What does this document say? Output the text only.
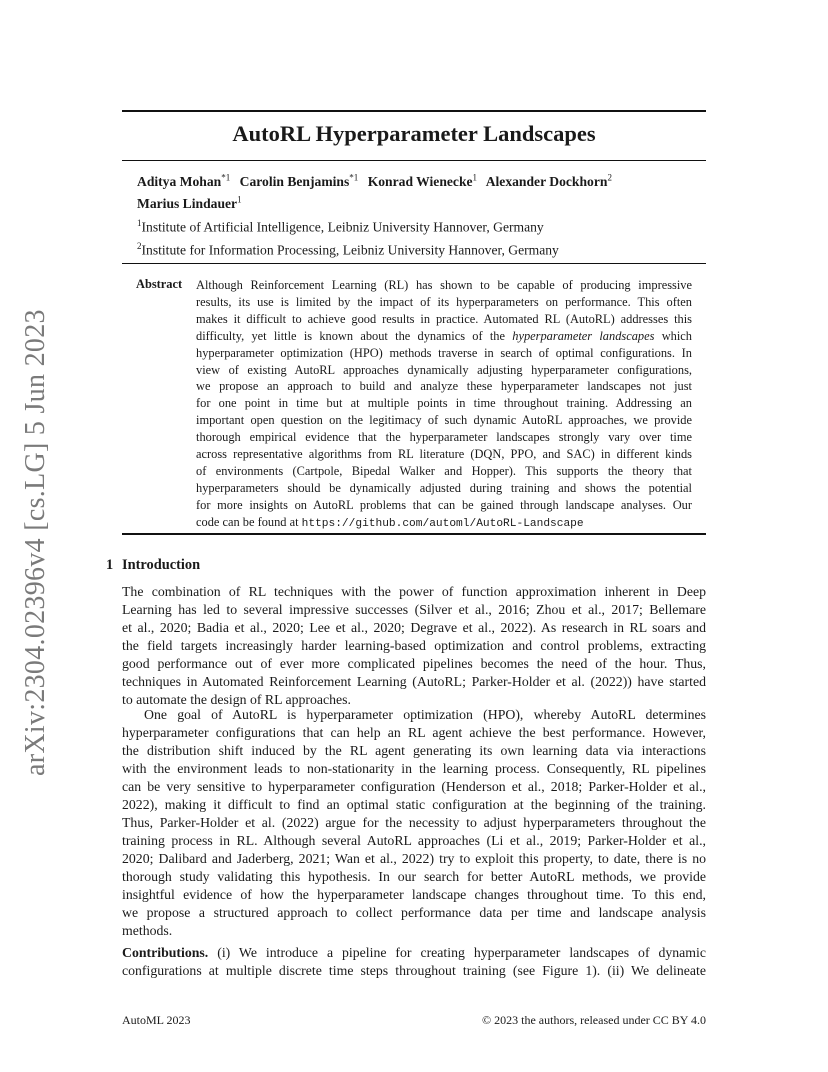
arXiv:2304.02396v4 [cs.LG] 5 Jun 2023
AutoRL Hyperparameter Landscapes
Aditya Mohan$^{*1}$ Carolin Benjamins$^{*1}$ Konrad Wienecke$^1$ Alexander Dockhorn$^2$
Marius Lindauer$^1$
$^1$Institute of Artificial Intelligence, Leibniz University Hannover, Germany
$^2$Institute for Information Processing, Leibniz University Hannover, Germany
Abstract Although Reinforcement Learning (RL) has shown to be capable of producing impressive
results, its use is limited by the impact of its hyperparameters on performance. This often
makes it difficult to achieve good results in practice. Automated RL (AutoRL) addresses this
difficulty, yet little is known about the dynamics of the hyperparameter landscapes which
hyperparameter optimization (HPO) methods traverse in search of optimal configurations. In
view of existing AutoRL approaches dynamically adjusting hyperparameter configurations,
we propose an approach to build and analyze these hyperparameter landscapes not just
for one point in time but at multiple points in time throughout training. Addressing an
important open question on the legitimacy of such dynamic AutoRL approaches, we provide
thorough empirical evidence that the hyperparameter landscapes strongly vary over time
across representative algorithms from RL literature (DQN, PPO, and SAC) in different kinds
of environments (Cartpole, Bipedal Walker and Hopper). This supports the theory that
hyperparameters should be dynamically adjusted during training and shows the potential
for more insights on AutoRL problems that can be gained through landscape analyses. Our
code can be found at https://github.com/automl/AutoRL-Landscape
1 Introduction
The combination of RL techniques with the power of function approximation inherent in Deep
Learning has led to several impressive successes (Silver et al., 2016; Zhou et al., 2017; Bellemare
et al., 2020; Badia et al., 2020; Lee et al., 2020; Degrave et al., 2022). As research in RL soars and
the field targets increasingly harder learning-based optimization and control problems, extracting
good performance out of ever more complicated pipelines becomes the need of the hour. Thus,
techniques in Automated Reinforcement Learning (AutoRL; Parker-Holder et al. (2022)) have started
to automate the design of RL approaches.
One goal of AutoRL is hyperparameter optimization (HPO), whereby AutoRL determines
hyperparameter configurations that can help an RL agent achieve the best performance. However,
the distribution shift induced by the RL agent generating its own learning data via interactions
with the environment leads to non-stationarity in the learning process. Consequently, RL pipelines
can be very sensitive to hyperparameter configuration (Henderson et al., 2018; Parker-Holder et al.,
2022), making it difficult to find an optimal static configuration at the beginning of the training.
Thus, Parker-Holder et al. (2022) argue for the necessity to adjust hyperparameters throughout the
training process in RL. Although several AutoRL approaches (Li et al., 2019; Parker-Holder et al.,
2020; Dalibard and Jaderberg, 2021; Wan et al., 2022) try to exploit this property, to date, there is no
thorough study validating this hypothesis. In our search for better AutoRL methods, we provide
insightful evidence of how the hyperparameter landscape changes throughout time. To this end,
we propose a structured approach to collect performance data per time and landscape analysis
methods.
Contributions. (i) We introduce a pipeline for creating hyperparameter landscapes of dynamic
configurations at multiple discrete time steps throughout training (see Figure 1). (ii) We delineate
AutoML 2023	© 2023 the authors, released under CC BY 4.0
